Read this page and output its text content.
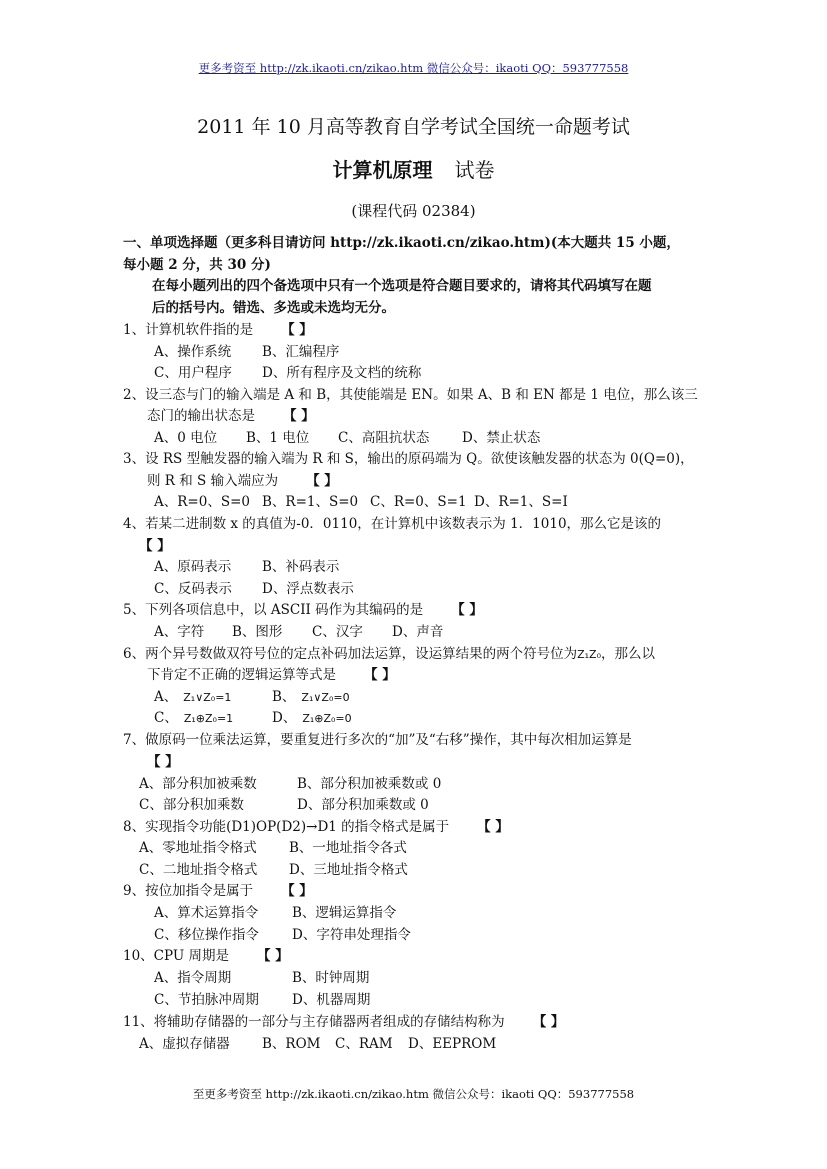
更多考资至 http://zk.ikaoti.cn/zikao.htm 微信公众号：ikaoti QQ：593777558
2011 年 10 月高等教育自学考试全国统一命题考试
计算机原理 试卷
(课程代码 02384)
一、单项选择题（更多科目请访问 http://zk.ikaoti.cn/zikao.htm)(本大题共 15 小题，
每小题 2 分，共 30 分)
在每小题列出的四个备选项中只有一个选项是符合题目要求的，请将其代码填写在题
后的括号内。错选、多选或未选均无分。
1、计算机软件指的是 【 】
A、操作系统 B、汇编程序
C、用户程序 D、所有程序及文档的统称
2、设三态与门的输入端是 A 和 B，其使能端是 EN。如果 A、B 和 EN 都是 1 电位，那么该三
态门的输出状态是 【 】
A、0 电位 B、1 电位 C、高阻抗状态 D、禁止状态
3、设 RS 型触发器的输入端为 R 和 S，输出的原码端为 Q。欲使该触发器的状态为 0(Q=0)，
则 R 和 S 输入端应为 【 】
A、R=0、S=0 B、R=1、S=0 C、R=0、S=1 D、R=1、S=I
4、若某二进制数 x 的真值为-0．0110，在计算机中该数表示为 1．1010，那么它是该的
【 】
A、原码表示 B、补码表示
C、反码表示 D、浮点数表示
5、下列各项信息中，以 ASCII 码作为其编码的是 【 】
A、字符 B、图形 C、汉字 D、声音
6、两个异号数做双符号位的定点补码加法运算，设运算结果的两个符号位为Z₁Z₀，那么以
下肯定不正确的逻辑运算等式是 【 】
A、 Z₁∨Z₀=1	B、 Z₁∨Z₀=0
C、 Z₁⊕Z₀=1	D、 Z₁⊕Z₀=0
7、做原码一位乘法运算，要重复进行多次的“加”及“右移”操作，其中每次相加运算是
【 】
A、部分积加被乘数	B、部分积加被乘数或 0
C、部分积加乘数	D、部分积加乘数或 0
8、实现指令功能(D1)OP(D2)→D1 的指令格式是属于 【 】
A、零地址指令格式 B、一地址指令各式
C、二地址指令格式 D、三地址指令格式
9、按位加指令是属于 【 】
A、算术运算指令	B、逻辑运算指令
C、移位操作指令 D、字符串处理指令
10、CPU 周期是 【 】
A、指令周期	B、时钟周期
C、节拍脉冲周期 D、机器周期
11、将辅助存储器的一部分与主存储器两者组成的存储结构称为 【 】
A、虚拟存储器 B、ROM C、RAM D、EEPROM
至更多考资至 http://zk.ikaoti.cn/zikao.htm 微信公众号：ikaoti QQ：593777558
